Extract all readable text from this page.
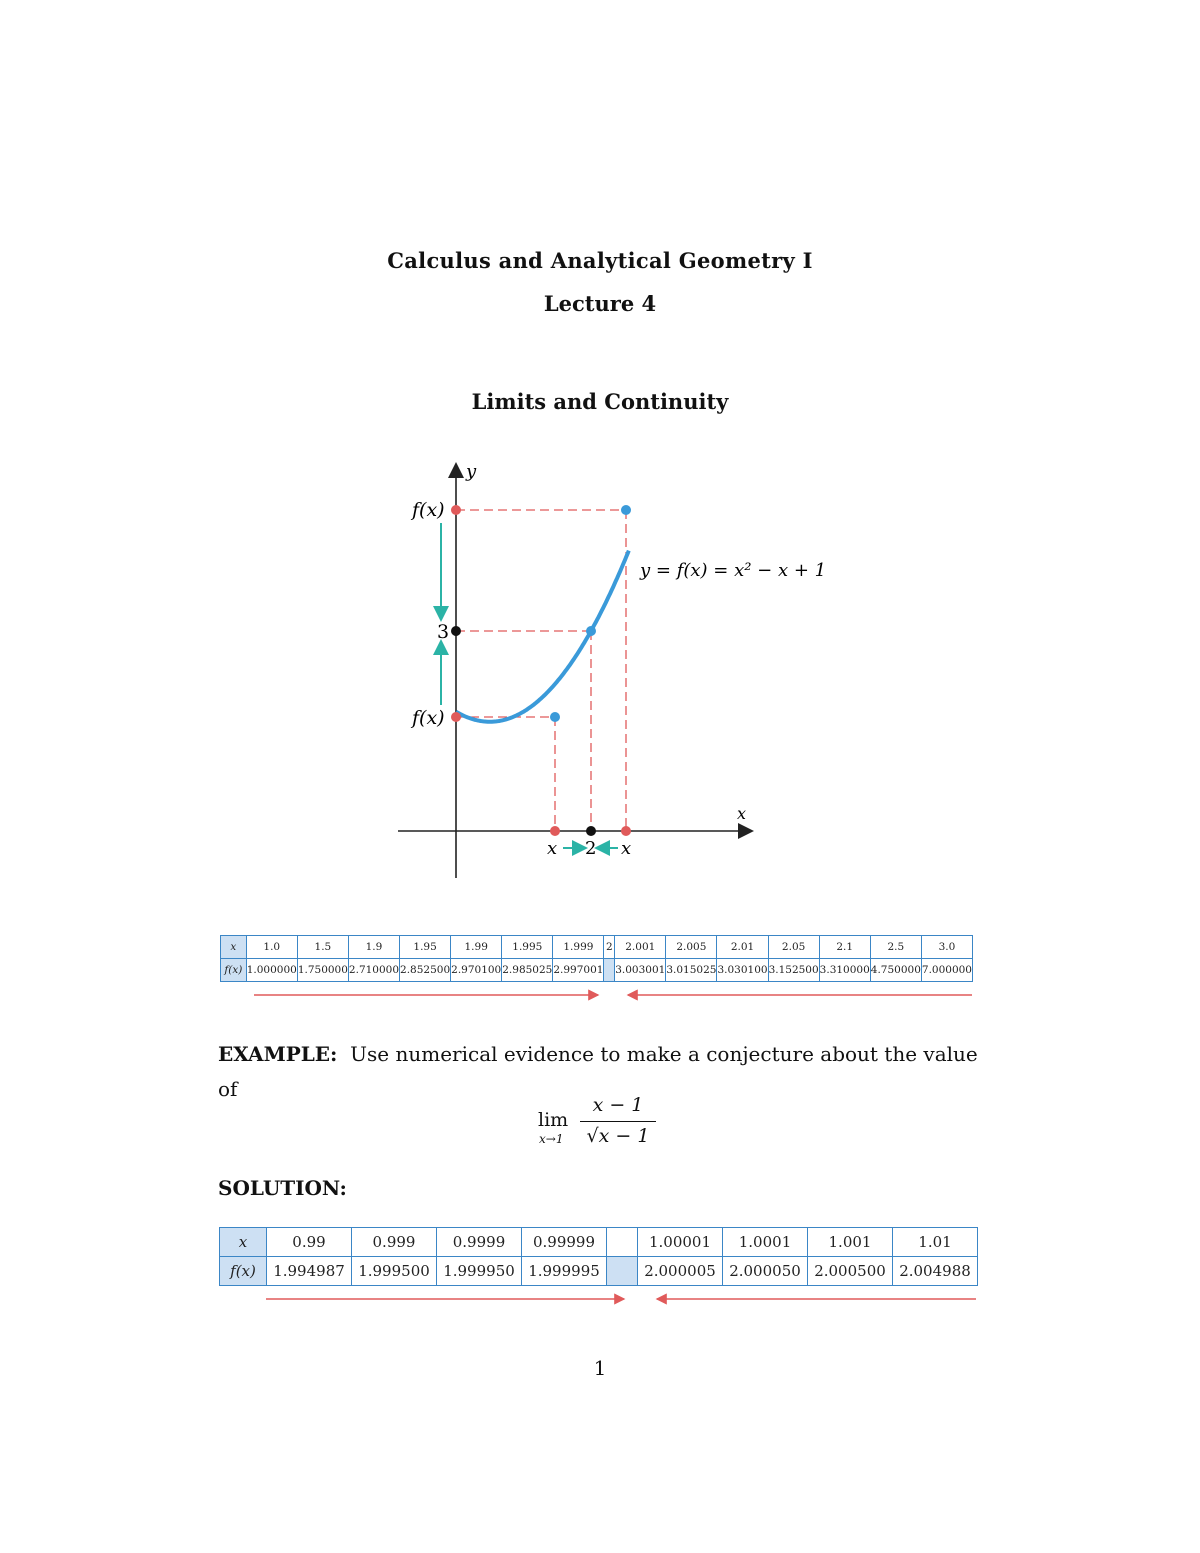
Calculus and Analytical Geometry I
Lecture 4
Limits and Continuity
y
x
f(x)
3
f(x)
y = f(x) = x² − x + 1
x 2 x
x	1.0	1.5	1.9	1.95	1.99	1.995	1.999	2	2.001	2.005	2.01	2.05	2.1	2.5	3.0
f(x)	1.000000	1.750000	2.710000	2.852500	2.970100	2.985025	2.997001		3.003001	3.015025	3.030100	3.152500	3.310000	4.750000	7.000000
EXAMPLE: Use numerical evidence to make a conjecture about the value of
lim
x→1
x − 1
√x − 1
SOLUTION:
x	0.99	0.999	0.9999	0.99999		1.00001	1.0001	1.001	1.01
f(x)	1.994987	1.999500	1.999950	1.999995		2.000005	2.000050	2.000500	2.004988
1
